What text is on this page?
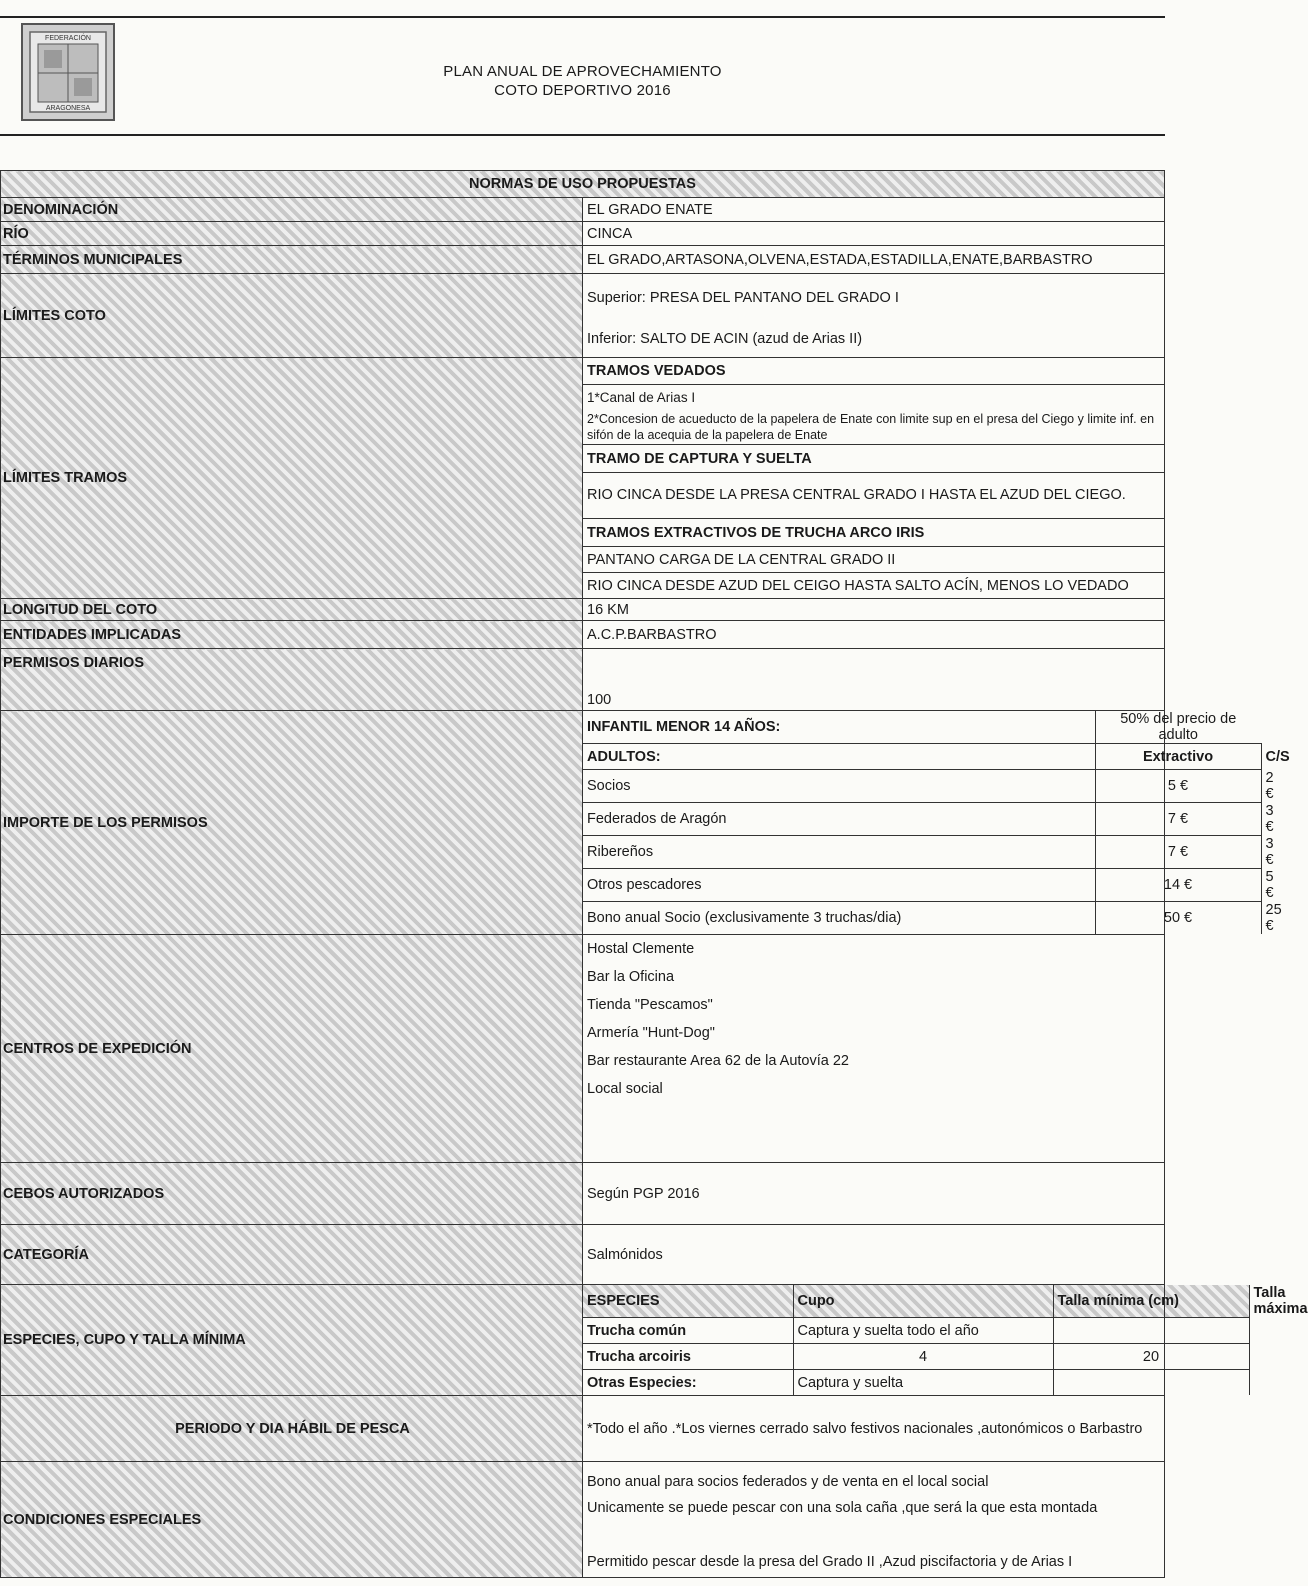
FEDERACIÓN
ARAGONESA
PLAN ANUAL DE APROVECHAMIENTO
COTO DEPORTIVO 2016
NORMAS DE USO PROPUESTAS
DENOMINACIÓN	EL GRADO ENATE
RÍO	CINCA
TÉRMINOS MUNICIPALES	EL GRADO,ARTASONA,OLVENA,ESTADA,ESTADILLA,ENATE,BARBASTRO
LÍMITES COTO	
Superior: PRESA DEL PANTANO DEL GRADO I
Inferior: SALTO DE ACIN (azud de Arias II)

LÍMITES TRAMOS	
TRAMOS VEDADOS
1*Canal de Arias I
2*Concesion de acueducto de la papelera de Enate con limite sup en el presa del Ciego y limite inf. en sifón de la acequia de la papelera de Enate
TRAMO DE CAPTURA Y SUELTA
RIO CINCA DESDE LA PRESA CENTRAL GRADO I HASTA EL AZUD DEL CIEGO.
TRAMOS EXTRACTIVOS DE TRUCHA ARCO IRIS
PANTANO CARGA DE LA CENTRAL GRADO II
RIO CINCA DESDE AZUD DEL CEIGO HASTA SALTO ACÍN, MENOS LO VEDADO

LONGITUD DEL COTO	16 KM
ENTIDADES IMPLICADAS	A.C.P.BARBASTRO
PERMISOS DIARIOS	100
IMPORTE DE LOS PERMISOS	
INFANTIL MENOR 14 AÑOS:	50% del precio de adulto
ADULTOS:	Extractivo	C/S
Socios	5 €	2 €
Federados de Aragón	7 €	3 €
Ribereños	7 €	3 €
Otros pescadores	14 €	5 €
Bono anual Socio (exclusivamente 3 truchas/dia)	50 €	25 €

CENTROS DE EXPEDICIÓN	
Hostal Clemente
Bar la Oficina
Tienda "Pescamos"
Armería "Hunt-Dog"
Bar restaurante Area 62 de la Autovía 22
Local social

CEBOS AUTORIZADOS	Según PGP 2016
CATEGORÍA	Salmónidos
ESPECIES, CUPO Y TALLA MÍNIMA	
ESPECIES	Cupo	Talla mínima (cm)	Talla máxima
Trucha común	Captura y suelta todo el año		
Trucha arcoiris	4	20	
Otras Especies:	Captura y suelta		

PERIODO Y DIA HÁBIL DE PESCA	*Todo el año .*Los viernes cerrado salvo festivos nacionales ,autonómicos o Barbastro
CONDICIONES ESPECIALES	
Bono anual para socios federados y de venta en el local social
Unicamente se puede pescar con una sola caña ,que será la que esta montada
Permitido pescar desde la presa del Grado II ,Azud piscifactoria y de Arias I
